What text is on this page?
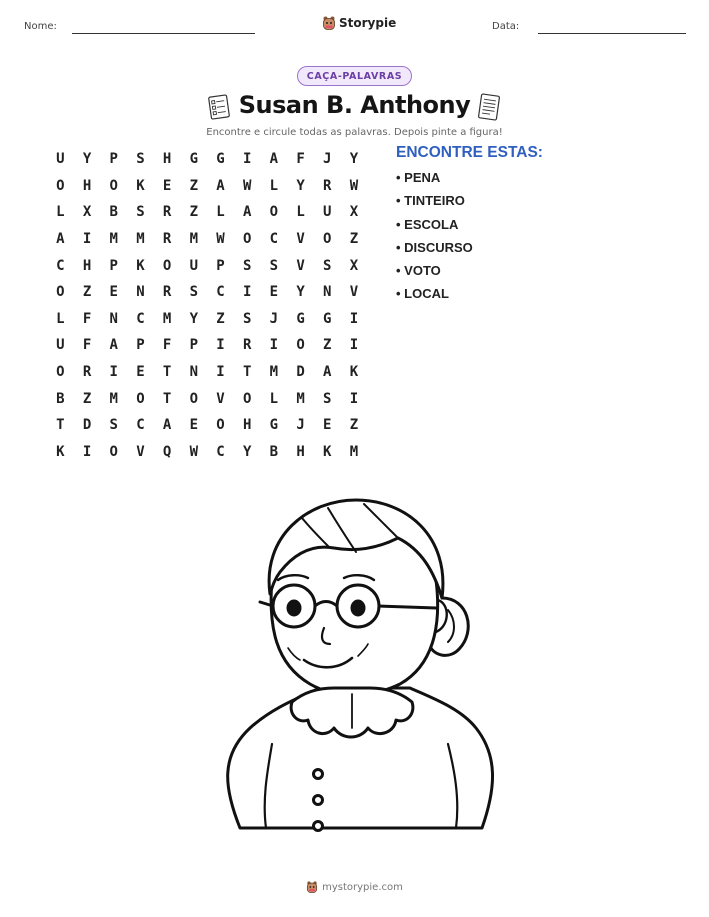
Nome:	Storypie	Data:
CAÇA-PALAVRAS
Susan B. Anthony
Encontre e circule todas as palavras. Depois pinte a figura!
U	Y	P	S	H	G	G	I	A	F	J	Y
O	H	O	K	E	Z	A	W	L	Y	R	W
L	X	B	S	R	Z	L	A	O	L	U	X
A	I	M	M	R	M	W	O	C	V	O	Z
C	H	P	K	O	U	P	S	S	V	S	X
O	Z	E	N	R	S	C	I	E	Y	N	V
L	F	N	C	M	Y	Z	S	J	G	G	I
U	F	A	P	F	P	I	R	I	O	Z	I
O	R	I	E	T	N	I	T	M	D	A	K
B	Z	M	O	T	O	V	O	L	M	S	I
T	D	S	C	A	E	O	H	G	J	E	Z
K	I	O	V	Q	W	C	Y	B	H	K	M
ENCONTRE ESTAS:
• PENA
• TINTEIRO
• ESCOLA
• DISCURSO
• VOTO
• LOCAL
mystorypie.com
